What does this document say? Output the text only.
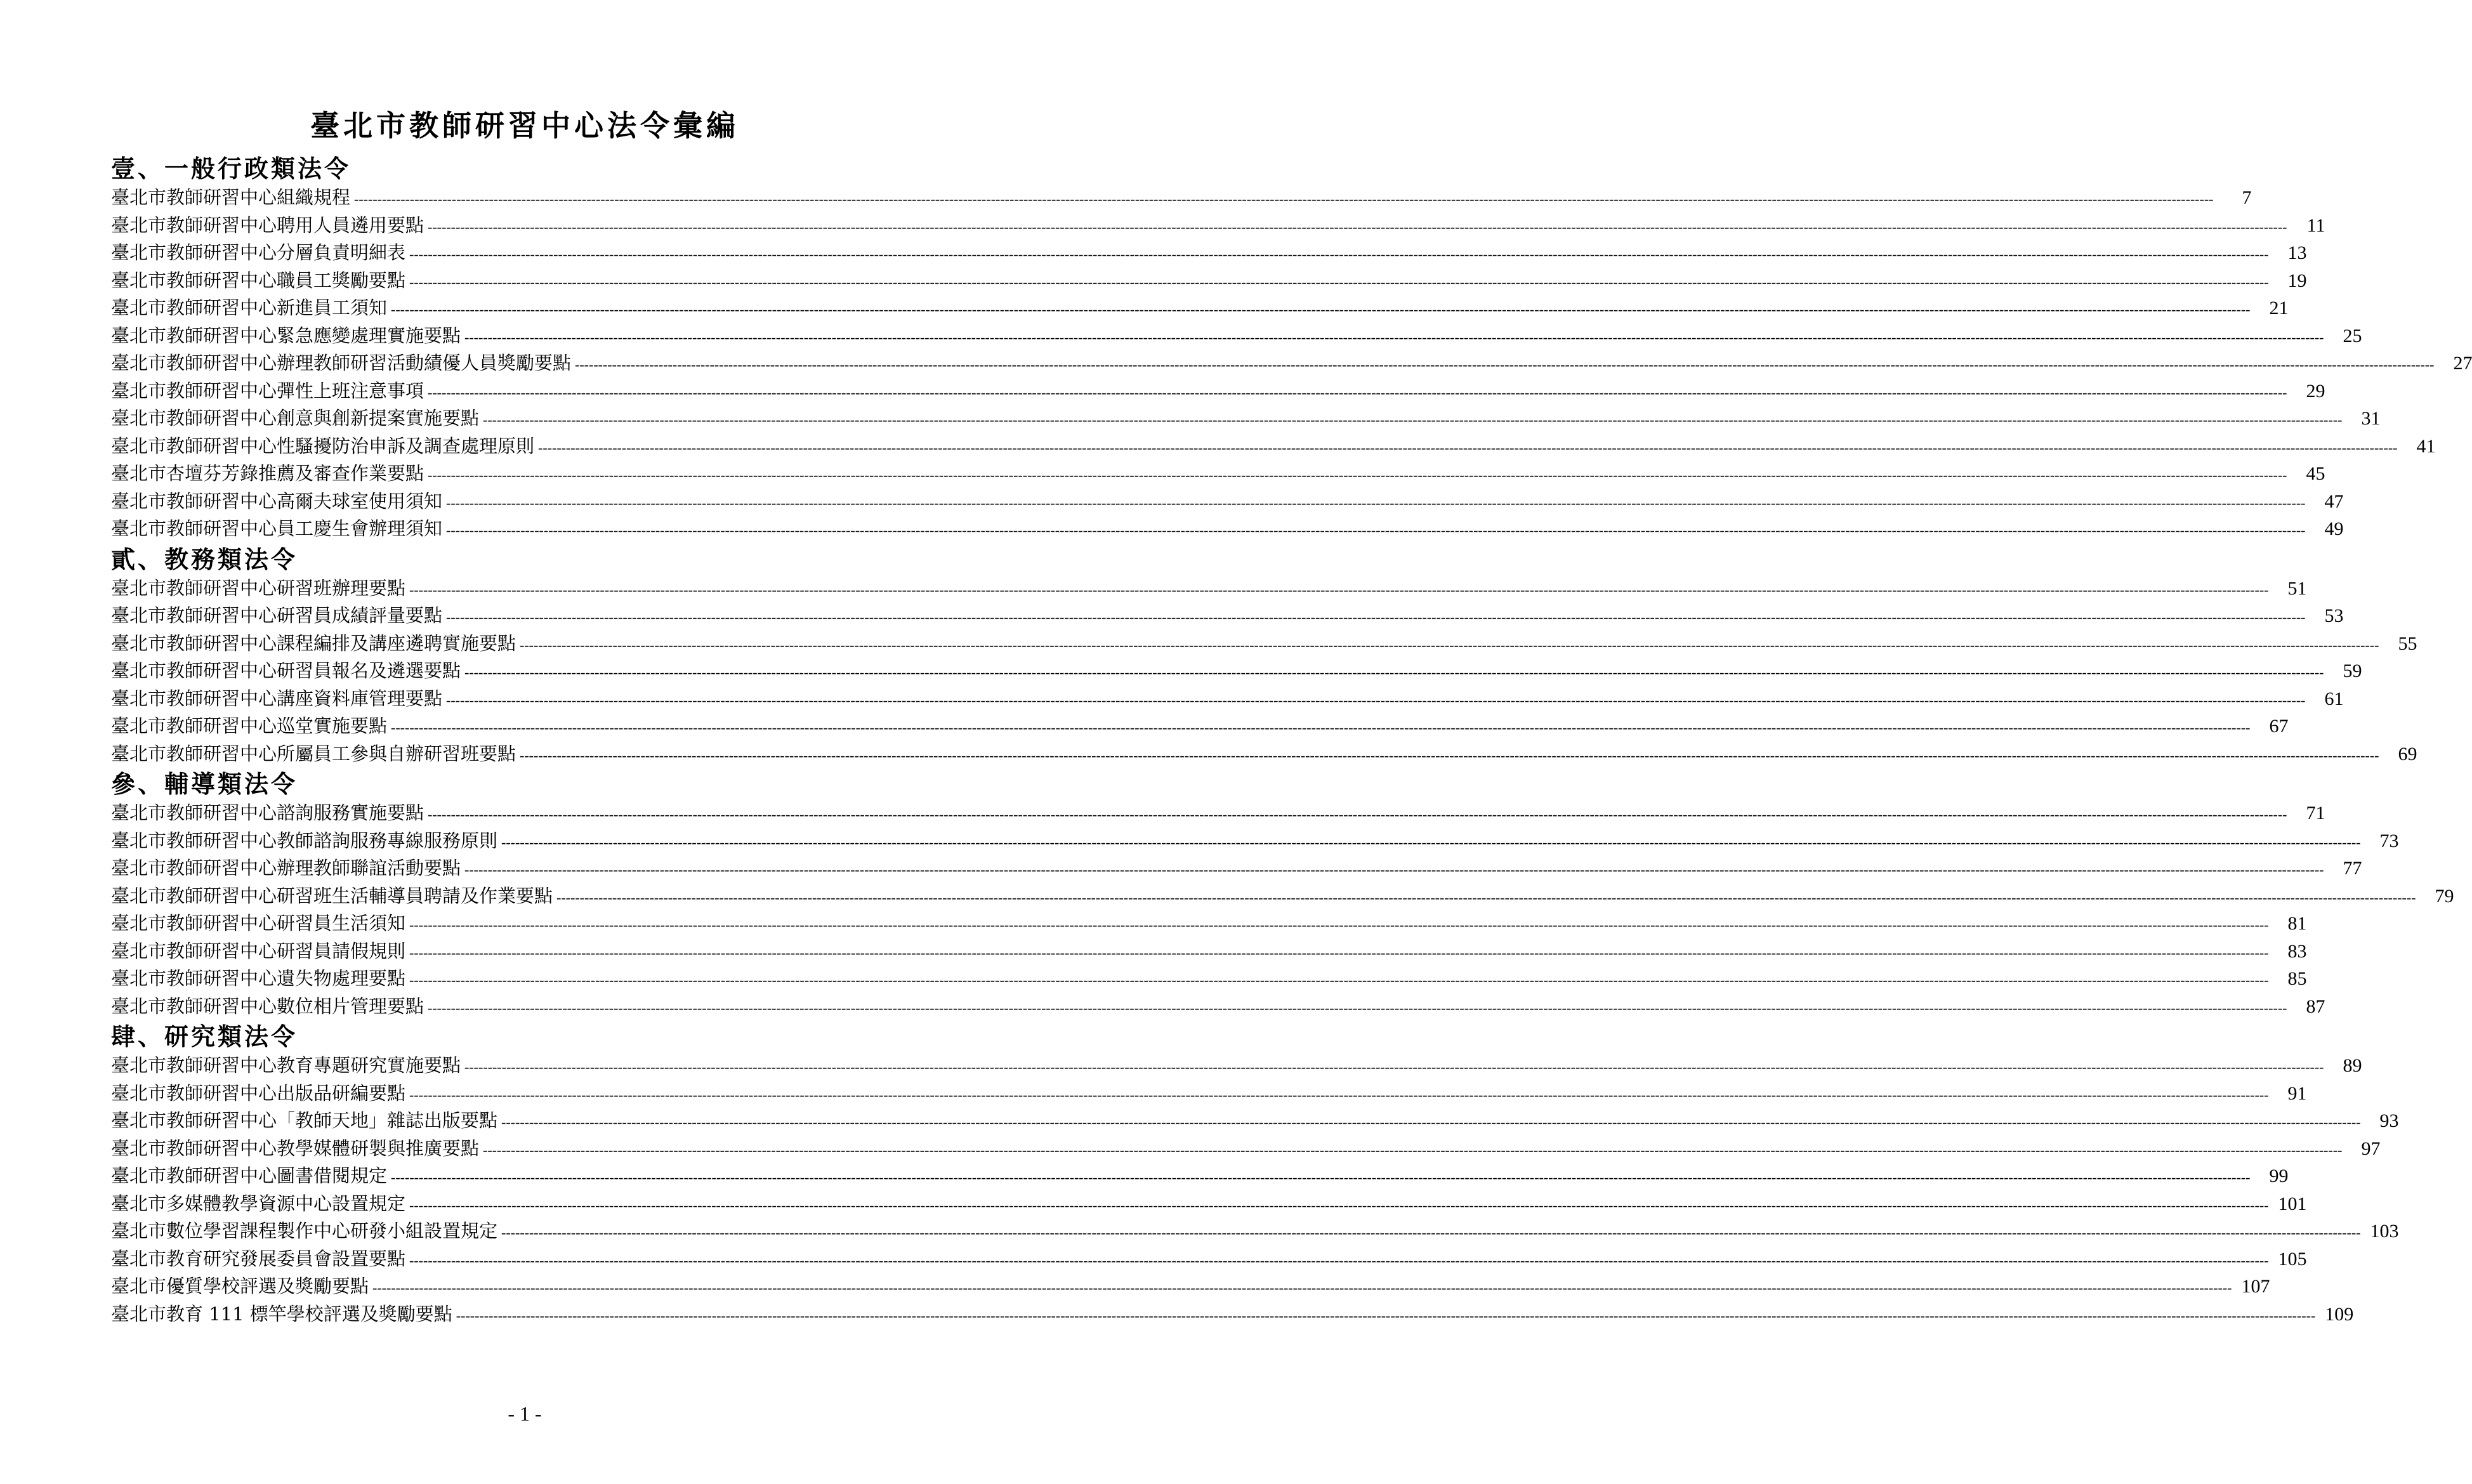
臺北市教師研習中心法令彙編
壹、一般行政類法令
臺北市教師研習中心組織規程 ----------------------------------------------------------------------------------------------------------------------------------------------------------------------------------------------------------------------------------------------------------------------------------------------------------------------------------------------------------------------------------------------------------------	7
臺北市教師研習中心聘用人員遴用要點 ----------------------------------------------------------------------------------------------------------------------------------------------------------------------------------------------------------------------------------------------------------------------------------------------------------------------------------------------------------------------------------------------------------------	11
臺北市教師研習中心分層負責明細表 ----------------------------------------------------------------------------------------------------------------------------------------------------------------------------------------------------------------------------------------------------------------------------------------------------------------------------------------------------------------------------------------------------------------	13
臺北市教師研習中心職員工獎勵要點 ----------------------------------------------------------------------------------------------------------------------------------------------------------------------------------------------------------------------------------------------------------------------------------------------------------------------------------------------------------------------------------------------------------------	19
臺北市教師研習中心新進員工須知 ----------------------------------------------------------------------------------------------------------------------------------------------------------------------------------------------------------------------------------------------------------------------------------------------------------------------------------------------------------------------------------------------------------------	21
臺北市教師研習中心緊急應變處理實施要點 ----------------------------------------------------------------------------------------------------------------------------------------------------------------------------------------------------------------------------------------------------------------------------------------------------------------------------------------------------------------------------------------------------------------	25
臺北市教師研習中心辦理教師研習活動績優人員獎勵要點 ----------------------------------------------------------------------------------------------------------------------------------------------------------------------------------------------------------------------------------------------------------------------------------------------------------------------------------------------------------------------------------------------------------------	27
臺北市教師研習中心彈性上班注意事項 ----------------------------------------------------------------------------------------------------------------------------------------------------------------------------------------------------------------------------------------------------------------------------------------------------------------------------------------------------------------------------------------------------------------	29
臺北市教師研習中心創意與創新提案實施要點 ----------------------------------------------------------------------------------------------------------------------------------------------------------------------------------------------------------------------------------------------------------------------------------------------------------------------------------------------------------------------------------------------------------------	31
臺北市教師研習中心性騷擾防治申訴及調查處理原則 ----------------------------------------------------------------------------------------------------------------------------------------------------------------------------------------------------------------------------------------------------------------------------------------------------------------------------------------------------------------------------------------------------------------	41
臺北市杏壇芬芳錄推薦及審查作業要點 ----------------------------------------------------------------------------------------------------------------------------------------------------------------------------------------------------------------------------------------------------------------------------------------------------------------------------------------------------------------------------------------------------------------	45
臺北市教師研習中心高爾夫球室使用須知 ----------------------------------------------------------------------------------------------------------------------------------------------------------------------------------------------------------------------------------------------------------------------------------------------------------------------------------------------------------------------------------------------------------------	47
臺北市教師研習中心員工慶生會辦理須知 ----------------------------------------------------------------------------------------------------------------------------------------------------------------------------------------------------------------------------------------------------------------------------------------------------------------------------------------------------------------------------------------------------------------	49
貳、教務類法令
臺北市教師研習中心研習班辦理要點 ----------------------------------------------------------------------------------------------------------------------------------------------------------------------------------------------------------------------------------------------------------------------------------------------------------------------------------------------------------------------------------------------------------------	51
臺北市教師研習中心研習員成績評量要點 ----------------------------------------------------------------------------------------------------------------------------------------------------------------------------------------------------------------------------------------------------------------------------------------------------------------------------------------------------------------------------------------------------------------	53
臺北市教師研習中心課程編排及講座遴聘實施要點 ----------------------------------------------------------------------------------------------------------------------------------------------------------------------------------------------------------------------------------------------------------------------------------------------------------------------------------------------------------------------------------------------------------------	55
臺北市教師研習中心研習員報名及遴選要點 ----------------------------------------------------------------------------------------------------------------------------------------------------------------------------------------------------------------------------------------------------------------------------------------------------------------------------------------------------------------------------------------------------------------	59
臺北市教師研習中心講座資料庫管理要點 ----------------------------------------------------------------------------------------------------------------------------------------------------------------------------------------------------------------------------------------------------------------------------------------------------------------------------------------------------------------------------------------------------------------	61
臺北市教師研習中心巡堂實施要點 ----------------------------------------------------------------------------------------------------------------------------------------------------------------------------------------------------------------------------------------------------------------------------------------------------------------------------------------------------------------------------------------------------------------	67
臺北市教師研習中心所屬員工參與自辦研習班要點 ----------------------------------------------------------------------------------------------------------------------------------------------------------------------------------------------------------------------------------------------------------------------------------------------------------------------------------------------------------------------------------------------------------------	69
參、輔導類法令
臺北市教師研習中心諮詢服務實施要點 ----------------------------------------------------------------------------------------------------------------------------------------------------------------------------------------------------------------------------------------------------------------------------------------------------------------------------------------------------------------------------------------------------------------	71
臺北市教師研習中心教師諮詢服務專線服務原則 ----------------------------------------------------------------------------------------------------------------------------------------------------------------------------------------------------------------------------------------------------------------------------------------------------------------------------------------------------------------------------------------------------------------	73
臺北市教師研習中心辦理教師聯誼活動要點 ----------------------------------------------------------------------------------------------------------------------------------------------------------------------------------------------------------------------------------------------------------------------------------------------------------------------------------------------------------------------------------------------------------------	77
臺北市教師研習中心研習班生活輔導員聘請及作業要點 ----------------------------------------------------------------------------------------------------------------------------------------------------------------------------------------------------------------------------------------------------------------------------------------------------------------------------------------------------------------------------------------------------------------	79
臺北市教師研習中心研習員生活須知 ----------------------------------------------------------------------------------------------------------------------------------------------------------------------------------------------------------------------------------------------------------------------------------------------------------------------------------------------------------------------------------------------------------------	81
臺北市教師研習中心研習員請假規則 ----------------------------------------------------------------------------------------------------------------------------------------------------------------------------------------------------------------------------------------------------------------------------------------------------------------------------------------------------------------------------------------------------------------	83
臺北市教師研習中心遺失物處理要點 ----------------------------------------------------------------------------------------------------------------------------------------------------------------------------------------------------------------------------------------------------------------------------------------------------------------------------------------------------------------------------------------------------------------	85
臺北市教師研習中心數位相片管理要點 ----------------------------------------------------------------------------------------------------------------------------------------------------------------------------------------------------------------------------------------------------------------------------------------------------------------------------------------------------------------------------------------------------------------	87
肆、研究類法令
臺北市教師研習中心教育專題研究實施要點 ----------------------------------------------------------------------------------------------------------------------------------------------------------------------------------------------------------------------------------------------------------------------------------------------------------------------------------------------------------------------------------------------------------------	89
臺北市教師研習中心出版品研編要點 ----------------------------------------------------------------------------------------------------------------------------------------------------------------------------------------------------------------------------------------------------------------------------------------------------------------------------------------------------------------------------------------------------------------	91
臺北市教師研習中心「教師天地」雜誌出版要點 ----------------------------------------------------------------------------------------------------------------------------------------------------------------------------------------------------------------------------------------------------------------------------------------------------------------------------------------------------------------------------------------------------------------	93
臺北市教師研習中心教學媒體研製與推廣要點 ----------------------------------------------------------------------------------------------------------------------------------------------------------------------------------------------------------------------------------------------------------------------------------------------------------------------------------------------------------------------------------------------------------------	97
臺北市教師研習中心圖書借閱規定 ----------------------------------------------------------------------------------------------------------------------------------------------------------------------------------------------------------------------------------------------------------------------------------------------------------------------------------------------------------------------------------------------------------------	99
臺北市多媒體教學資源中心設置規定 ---------------------------------------------------------------------------------------------------------------------------------------------------------------------------------------------------------------------------------------------------------------------------------------------------------------------------------------------------------------------------------------------------------------- 101
臺北市數位學習課程製作中心研發小組設置規定 ---------------------------------------------------------------------------------------------------------------------------------------------------------------------------------------------------------------------------------------------------------------------------------------------------------------------------------------------------------------------------------------------------------------- 103
臺北市教育研究發展委員會設置要點 ---------------------------------------------------------------------------------------------------------------------------------------------------------------------------------------------------------------------------------------------------------------------------------------------------------------------------------------------------------------------------------------------------------------- 105
臺北市優質學校評選及獎勵要點 ---------------------------------------------------------------------------------------------------------------------------------------------------------------------------------------------------------------------------------------------------------------------------------------------------------------------------------------------------------------------------------------------------------------- 107
臺北市教育 111 標竿學校評選及獎勵要點 ---------------------------------------------------------------------------------------------------------------------------------------------------------------------------------------------------------------------------------------------------------------------------------------------------------------------------------------------------------------------------------------------------------------- 109
- 1 -
